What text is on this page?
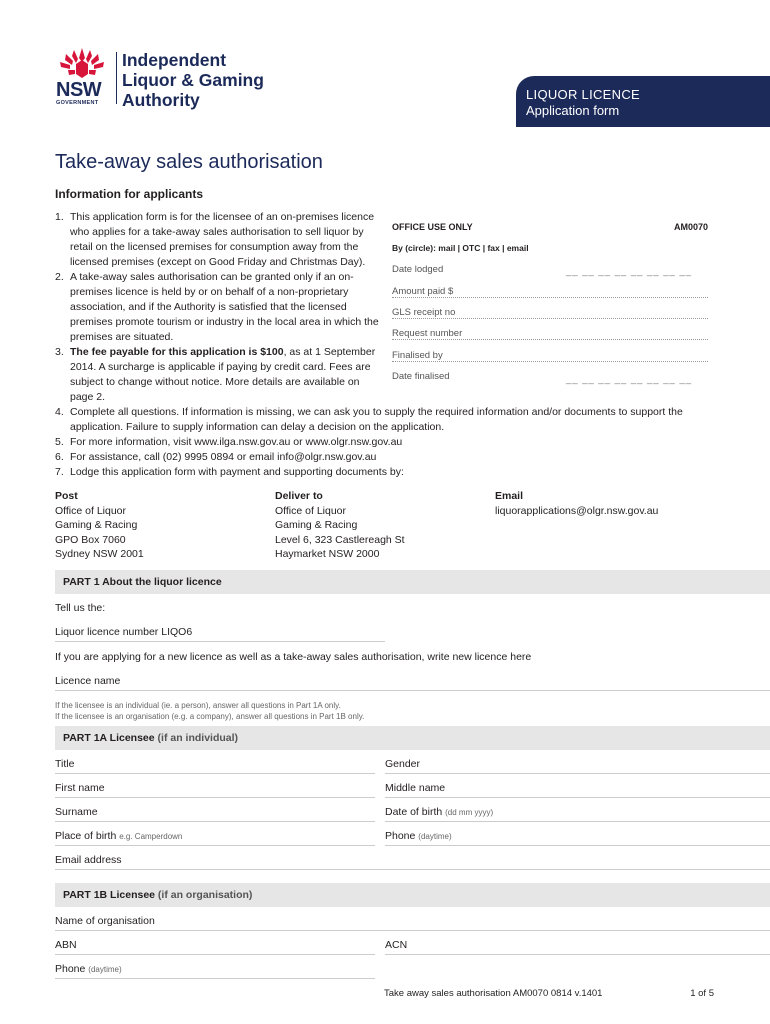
NSW
GOVERNMENT
Independent
Liquor & Gaming
Authority	LIQUOR LICENCE
Application form
Take-away sales authorisation
Information for applicants
1. This application form is for the licensee of an on-premises licence who applies for a take-away sales authorisation to sell liquor by retail on the licensed premises for consumption away from the licensed premises (except on Good Friday and Christmas Day).
2. A take-away sales authorisation can be granted only if an on-premises licence is held by or on behalf of a non-proprietary association, and if the Authority is satisfied that the licensed premises promote tourism or industry in the local area in which the premises are situated.
3. The fee payable for this application is $100, as at 1 September 2014. A surcharge is applicable if paying by credit card. Fees are subject to change without notice. More details are available on page 2.
4. Complete all questions. If information is missing, we can ask you to supply the required information and/or documents to support the application. Failure to supply information can delay a decision on the application.
5. For more information, visit www.ilga.nsw.gov.au or www.olgr.nsw.gov.au
6. For assistance, call (02) 9995 0894 or email info@olgr.nsw.gov.au
7. Lodge this application form with payment and supporting documents by:
OFFICE USE ONLY	AM0070
By (circle): mail | OTC | fax | email
Date lodged	__ __ __ __ __ __ __ __
Amount paid $
GLS receipt no
Request number
Finalised by
Date finalised	__ __ __ __ __ __ __ __
Post
Office of Liquor
Gaming & Racing
GPO Box 7060
Sydney NSW 2001
Deliver to
Office of Liquor
Gaming & Racing
Level 6, 323 Castlereagh St
Haymarket NSW 2000
Email
liquorapplications@olgr.nsw.gov.au
PART 1 About the liquor licence
Tell us the:
Liquor licence number LIQO6
If you are applying for a new licence as well as a take-away sales authorisation, write new licence here
Licence name
If the licensee is an individual (ie. a person), answer all questions in Part 1A only.
If the licensee is an organisation (e.g. a company), answer all questions in Part 1B only.
PART 1A Licensee (if an individual)
Title	Gender
First name	Middle name
Surname	Date of birth (dd mm yyyy)
Place of birth e.g. Camperdown	Phone (daytime)
Email address
PART 1B Licensee (if an organisation)
Name of organisation
ABN	ACN
Phone (daytime)
Take away sales authorisation AM0070 0814 v.1401	1 of 5
